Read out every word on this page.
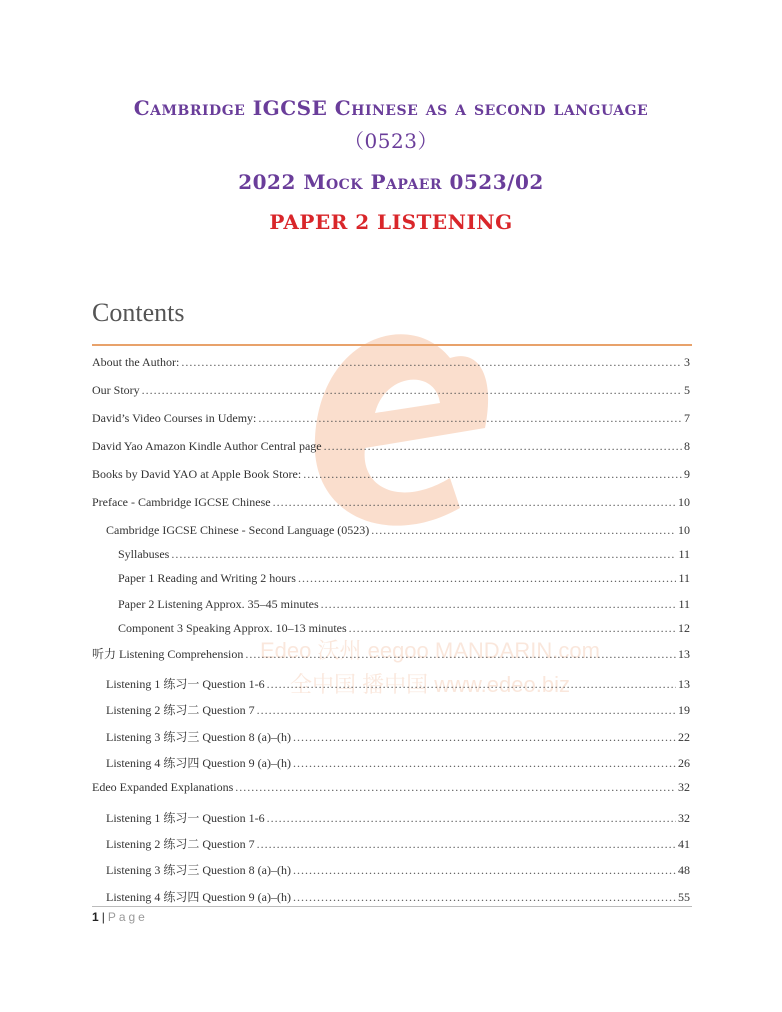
Edeo 沃州 eegoo MANDARIN.com
全中国 播中国 www.edeo.biz
Cambridge IGCSE Chinese as a second language
（0523）
2022 Mock Papaer 0523/02
PAPER 2 LISTENING
Contents
About the Author: .....	3
Our Story .....	5
David’s Video Courses in Udemy: .....	7
David Yao Amazon Kindle Author Central page .....	8
Books by David YAO at Apple Book Store: .....	9
Preface - Cambridge IGCSE Chinese .....	10
Cambridge IGCSE Chinese - Second Language (0523) .....	10
Syllabuses .....	11
Paper 1 Reading and Writing 2 hours .....	11
Paper 2 Listening Approx. 35–45 minutes .....	11
Component 3 Speaking Approx. 10–13 minutes .....	12
听力 Listening Comprehension .....	13
Listening 1 练习一 Question 1-6 .....	13
Listening 2 练习二 Question 7 .....	19
Listening 3 练习三 Question 8 (a)–(h) .....	22
Listening 4 练习四 Question 9 (a)–(h) .....	26
Edeo Expanded Explanations .....	32
Listening 1 练习一 Question 1-6 .....	32
Listening 2 练习二 Question 7 .....	41
Listening 3 练习三 Question 8 (a)–(h) .....	48
Listening 4 练习四 Question 9 (a)–(h) .....	55
1 | Page
